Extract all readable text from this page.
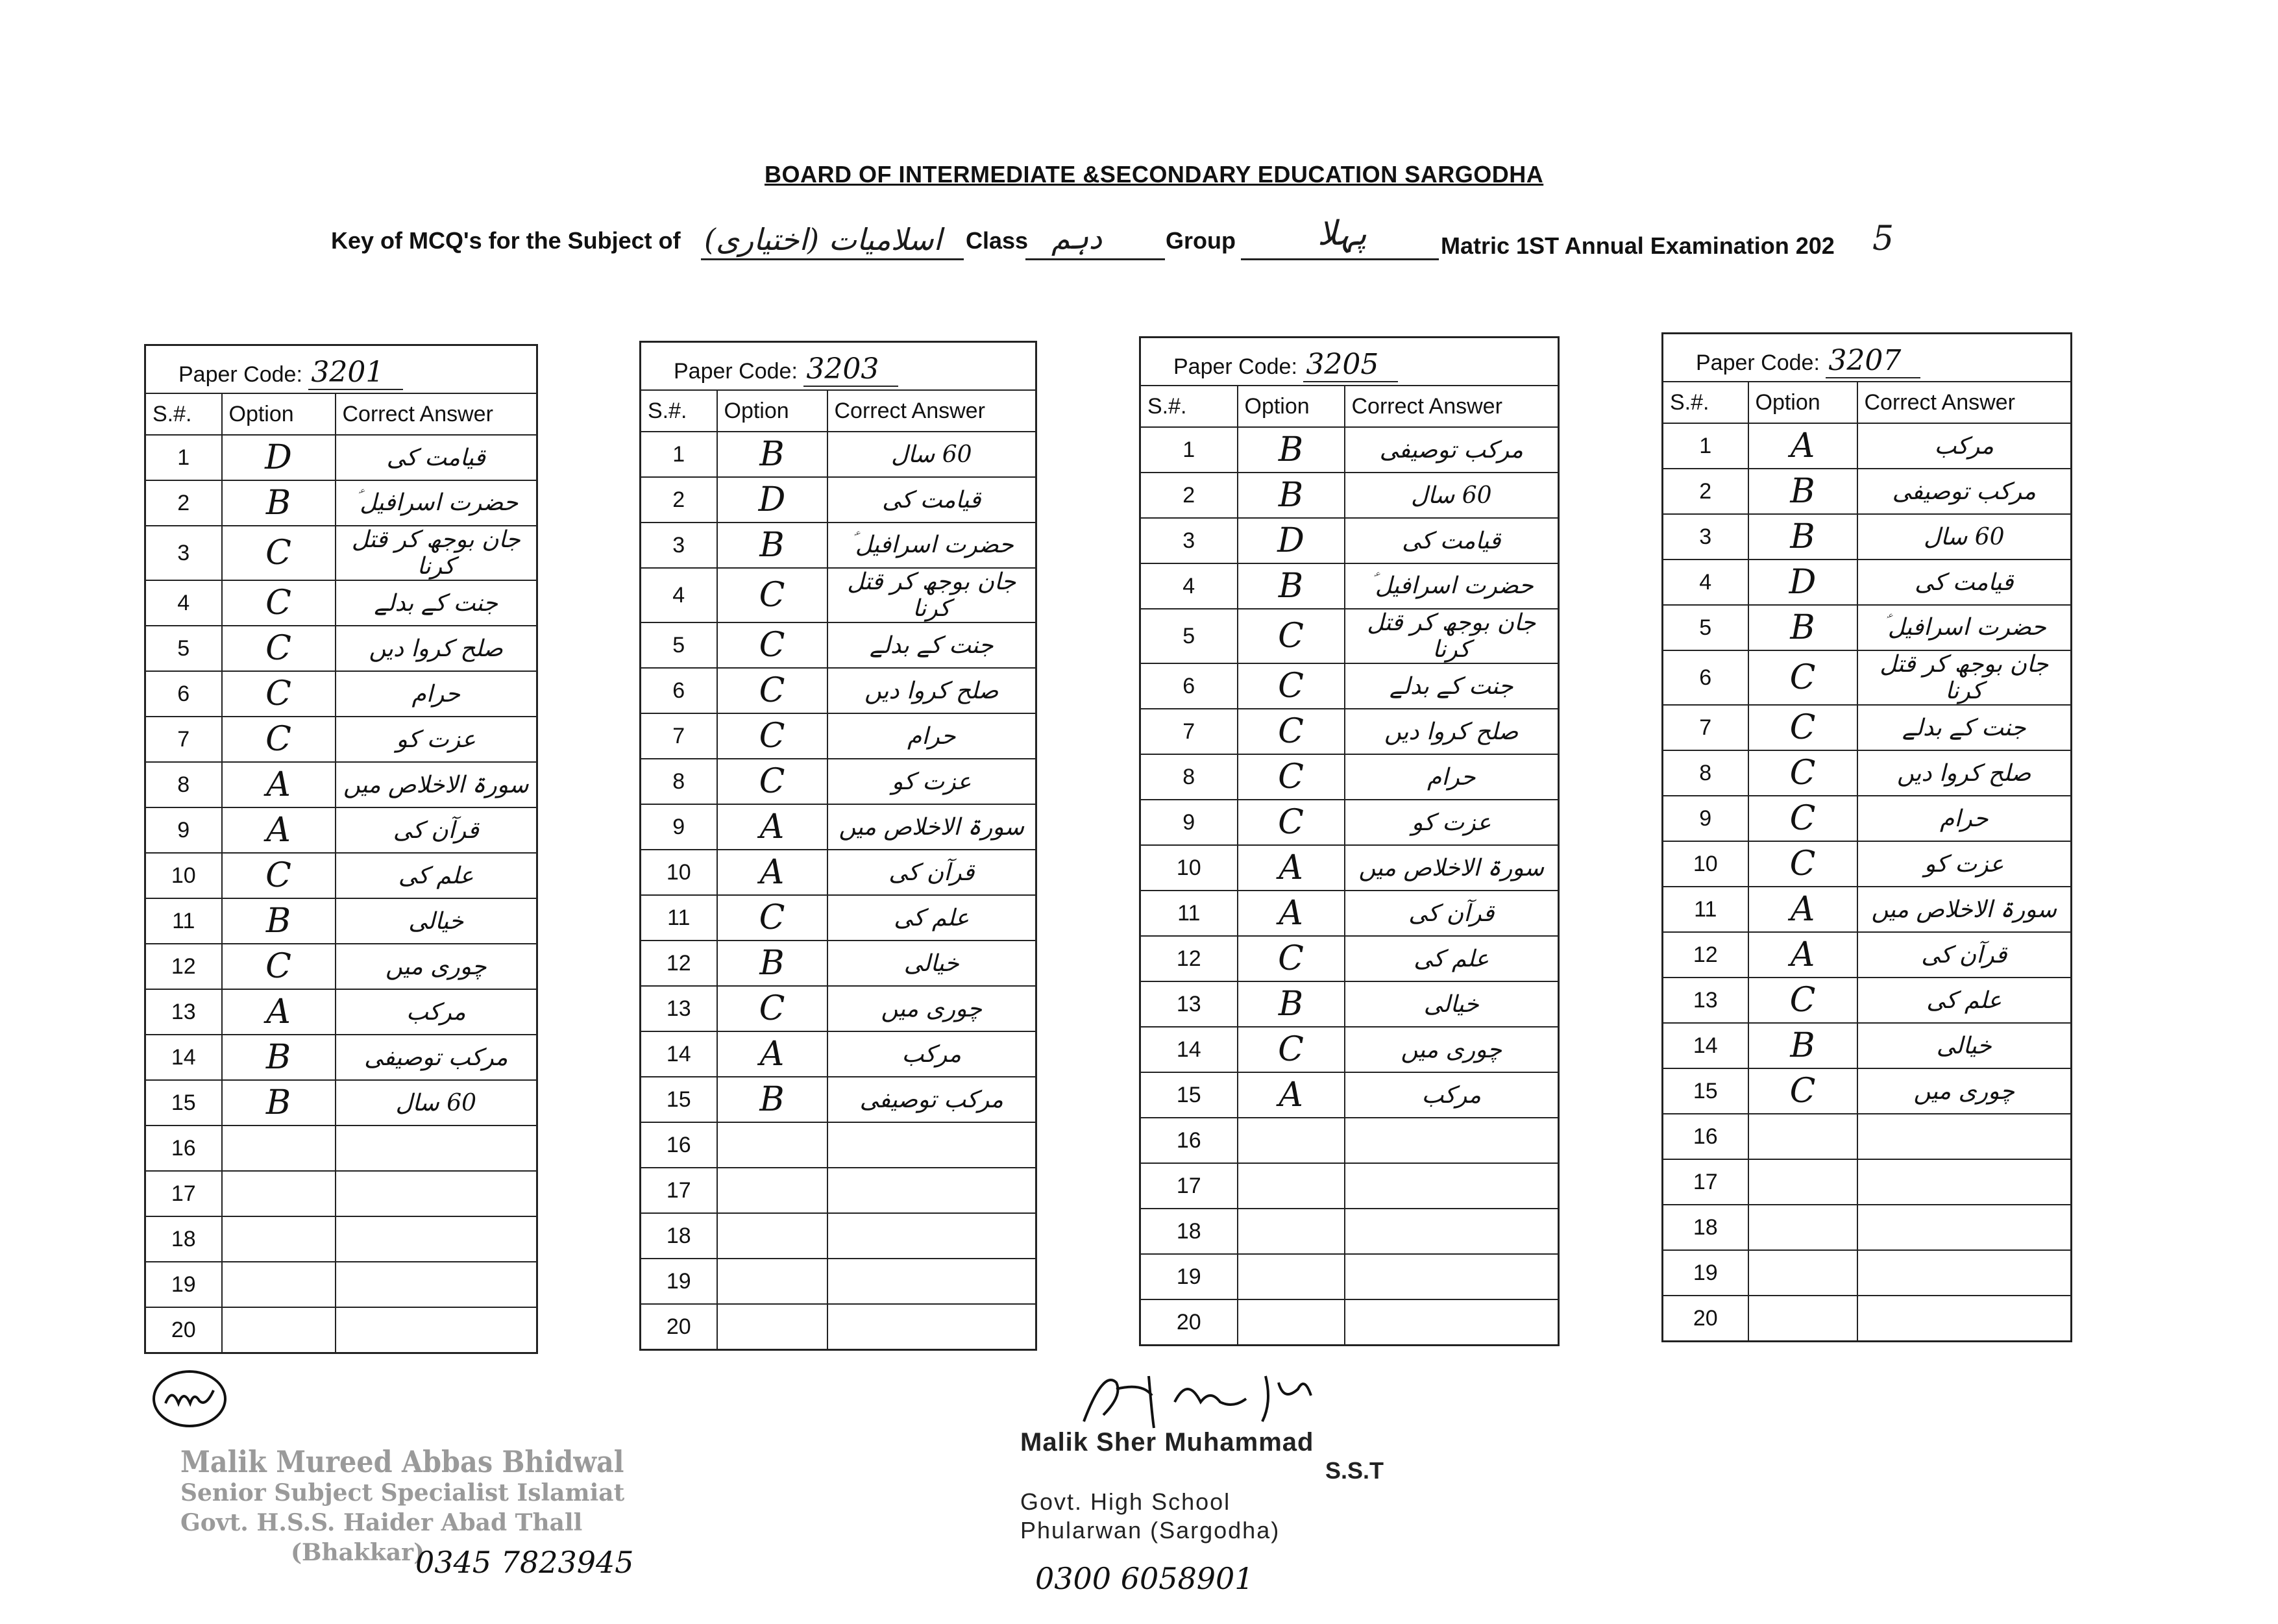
BOARD OF INTERMEDIATE &SECONDARY EDUCATION SARGODHA
Key of MCQ's for the Subject of اسلامیات (اختیاری) Class دہم	Group پہلا	Matric 1ST Annual Examination 202 5
Paper Code: 3201		
S.#.	Option	Correct Answer
1	D	قیامت کی
2	B	حضرت اسرافیل ؑ
3	C	جان بوجھ کر قتل کرنا
4	C	جنت کے بدلے
5	C	صلح کروا دیں
6	C	حرام
7	C	عزت کو
8	A	سورۃ الاخلاص میں
9	A	قرآن کی
10	C	علم کی
11	B	خیالی
12	C	چوری میں
13	A	مرکب
14	B	مرکب توصیفی
15	B	60 سال
16		
17		
18		
19		
20		
Paper Code: 3203		
S.#.	Option	Correct Answer
1	B	60 سال
2	D	قیامت کی
3	B	حضرت اسرافیل ؑ
4	C	جان بوجھ کر قتل کرنا
5	C	جنت کے بدلے
6	C	صلح کروا دیں
7	C	حرام
8	C	عزت کو
9	A	سورۃ الاخلاص میں
10	A	قرآن کی
11	C	علم کی
12	B	خیالی
13	C	چوری میں
14	A	مرکب
15	B	مرکب توصیفی
16		
17		
18		
19		
20		
Paper Code: 3205		
S.#.	Option	Correct Answer
1	B	مرکب توصیفی
2	B	60 سال
3	D	قیامت کی
4	B	حضرت اسرافیل ؑ
5	C	جان بوجھ کر قتل کرنا
6	C	جنت کے بدلے
7	C	صلح کروا دیں
8	C	حرام
9	C	عزت کو
10	A	سورۃ الاخلاص میں
11	A	قرآن کی
12	C	علم کی
13	B	خیالی
14	C	چوری میں
15	A	مرکب
16		
17		
18		
19		
20		
Paper Code: 3207		
S.#.	Option	Correct Answer
1	A	مرکب
2	B	مرکب توصیفی
3	B	60 سال
4	D	قیامت کی
5	B	حضرت اسرافیل ؑ
6	C	جان بوجھ کر قتل کرنا
7	C	جنت کے بدلے
8	C	صلح کروا دیں
9	C	حرام
10	C	عزت کو
11	A	سورۃ الاخلاص میں
12	A	قرآن کی
13	C	علم کی
14	B	خیالی
15	C	چوری میں
16		
17		
18		
19		
20		
Malik Mureed Abbas Bhidwal
Senior Subject Specialist Islamiat
Govt. H.S.S. Haider Abad Thall
(Bhakkar)
0345 7823945
Malik Sher Muhammad
S.S.T
Govt. High School
Phularwan (Sargodha)
0300 6058901
